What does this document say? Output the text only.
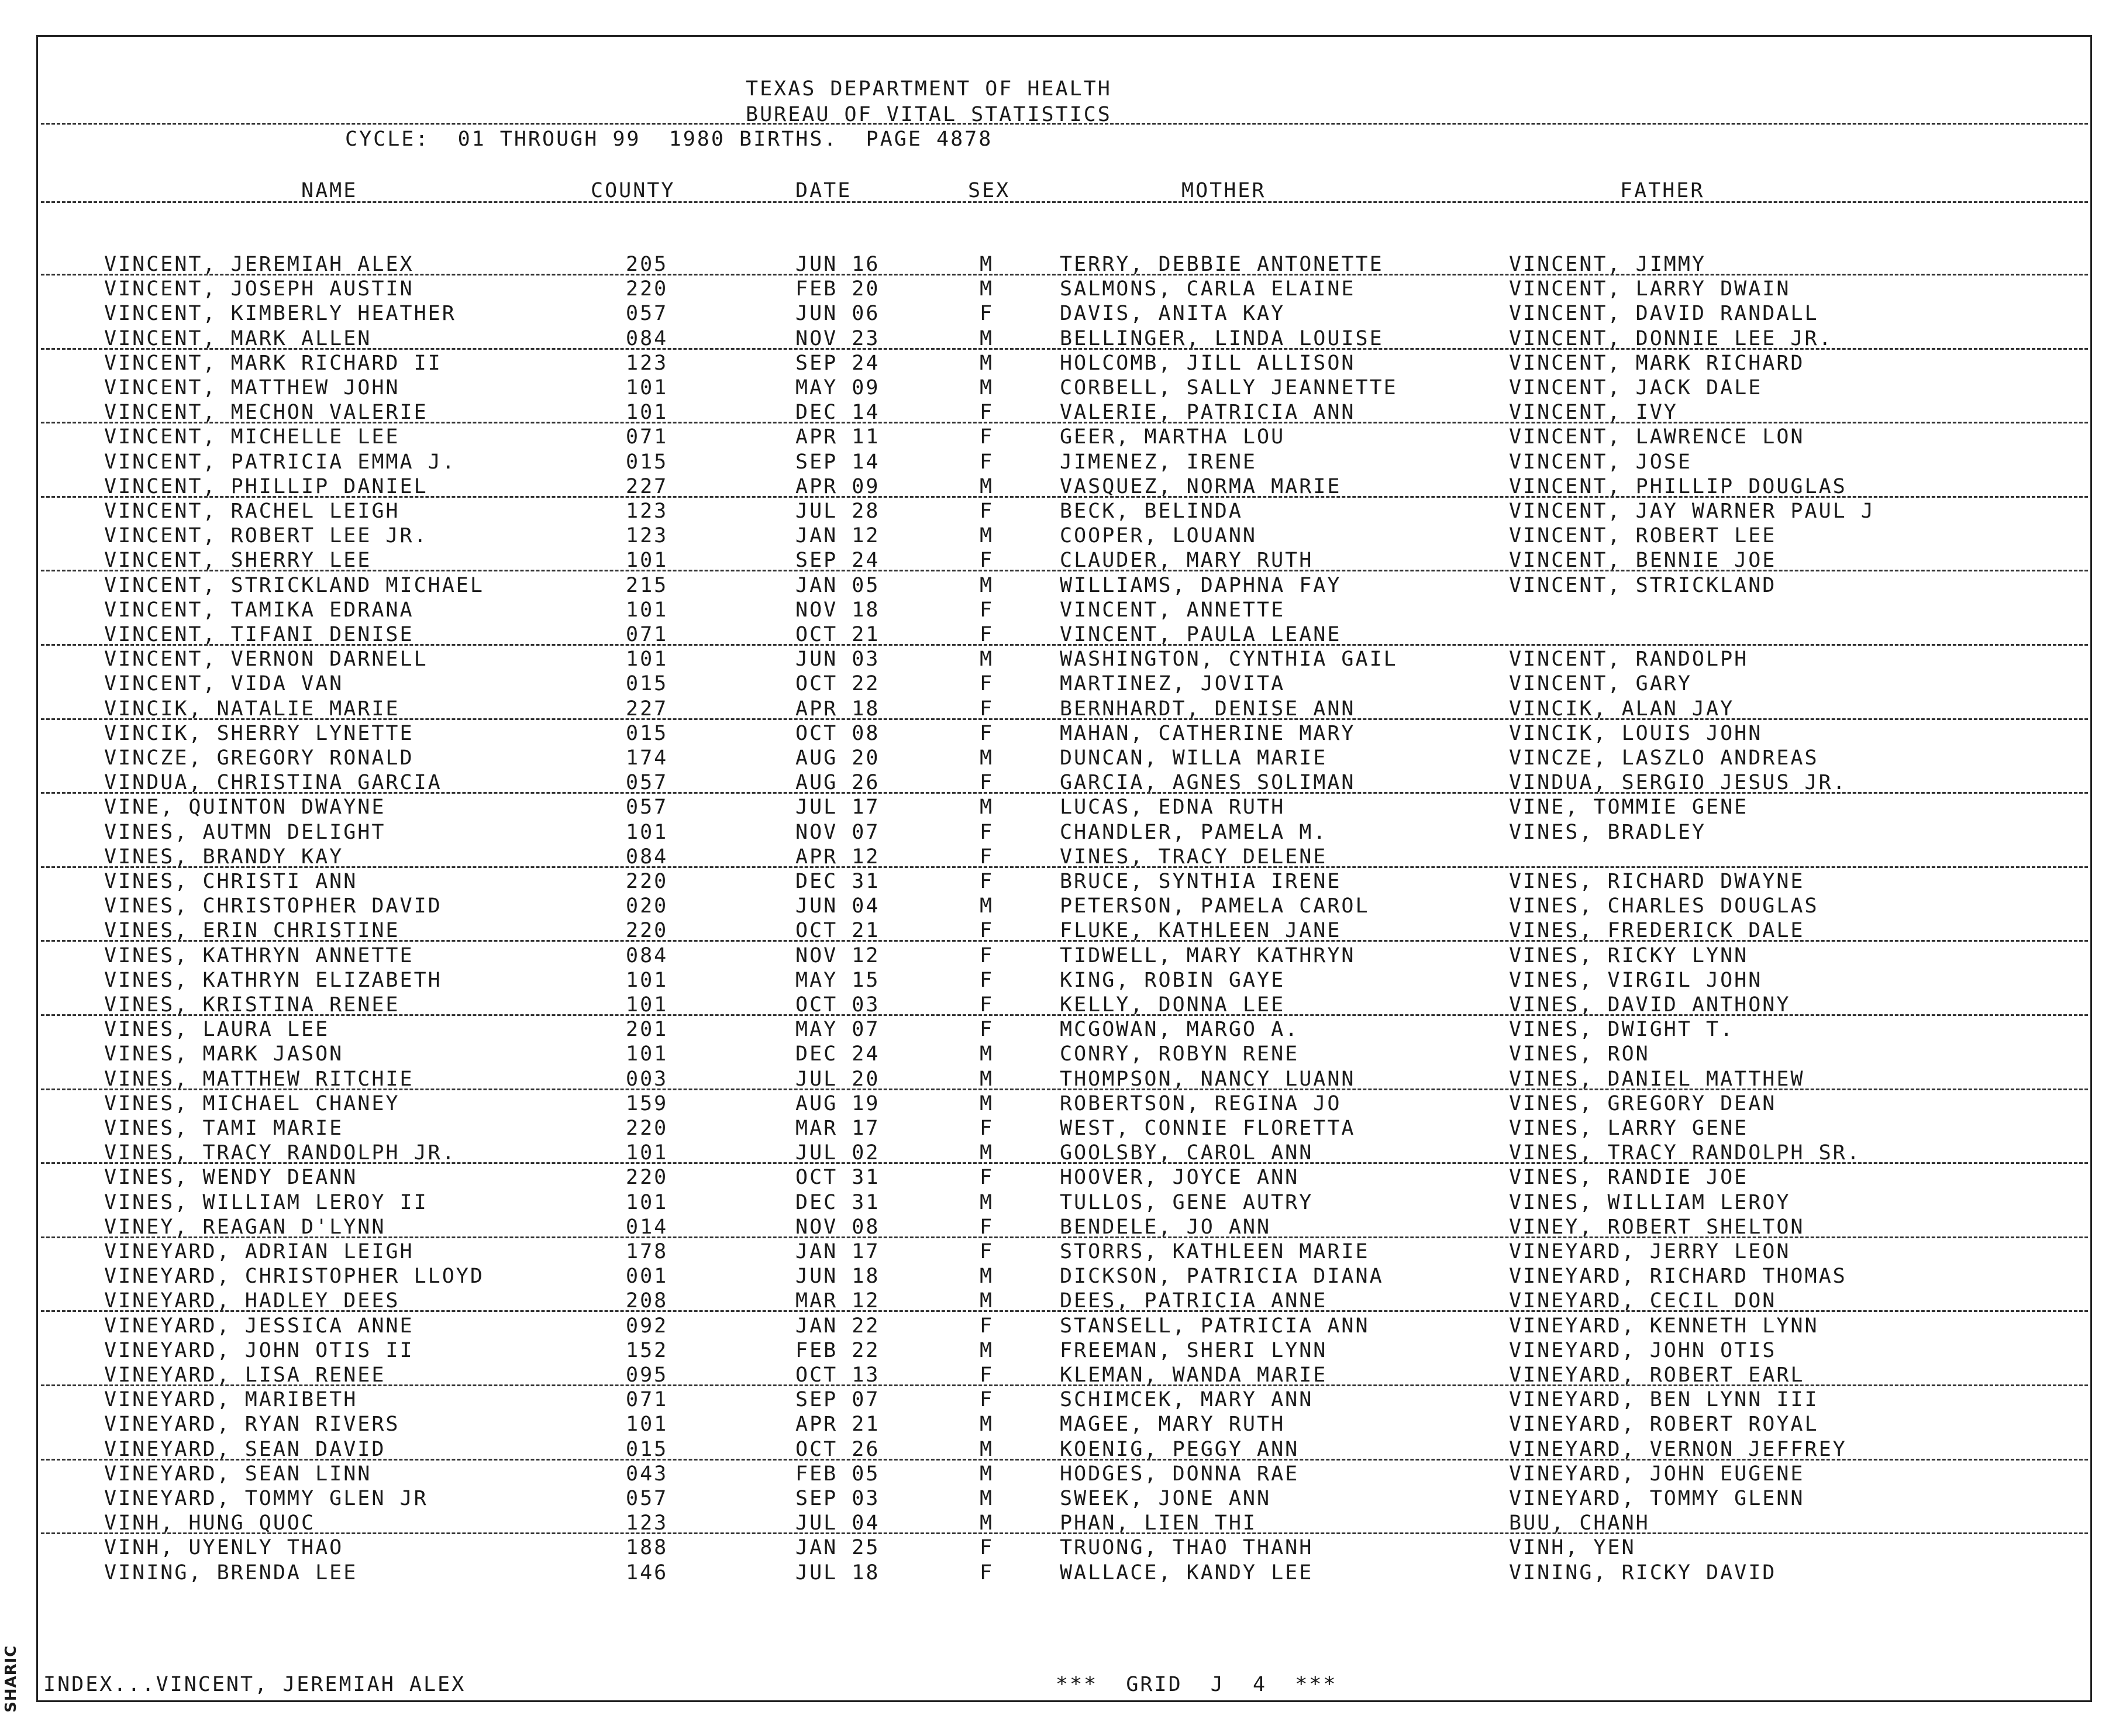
TEXAS DEPARTMENT OF HEALTH
BUREAU OF VITAL STATISTICS
CYCLE:  01 THROUGH 99  1980 BIRTHS.  PAGE 4878
NAME	COUNTY	DATE	SEX	MOTHER	FATHER
VINCENT, JEREMIAH ALEX	205	JUN 16	M	TERRY, DEBBIE ANTONETTE	VINCENT, JIMMY
VINCENT, JOSEPH AUSTIN	220	FEB 20	M	SALMONS, CARLA ELAINE	VINCENT, LARRY DWAIN
VINCENT, KIMBERLY HEATHER	057	JUN 06	F	DAVIS, ANITA KAY	VINCENT, DAVID RANDALL
VINCENT, MARK ALLEN	084	NOV 23	M	BELLINGER, LINDA LOUISE	VINCENT, DONNIE LEE JR.
VINCENT, MARK RICHARD II	123	SEP 24	M	HOLCOMB, JILL ALLISON	VINCENT, MARK RICHARD
VINCENT, MATTHEW JOHN	101	MAY 09	M	CORBELL, SALLY JEANNETTE	VINCENT, JACK DALE
VINCENT, MECHON VALERIE	101	DEC 14	F	VALERIE, PATRICIA ANN	VINCENT, IVY
VINCENT, MICHELLE LEE	071	APR 11	F	GEER, MARTHA LOU	VINCENT, LAWRENCE LON
VINCENT, PATRICIA EMMA J.	015	SEP 14	F	JIMENEZ, IRENE	VINCENT, JOSE
VINCENT, PHILLIP DANIEL	227	APR 09	M	VASQUEZ, NORMA MARIE	VINCENT, PHILLIP DOUGLAS
VINCENT, RACHEL LEIGH	123	JUL 28	F	BECK, BELINDA	VINCENT, JAY WARNER PAUL J
VINCENT, ROBERT LEE JR.	123	JAN 12	M	COOPER, LOUANN	VINCENT, ROBERT LEE
VINCENT, SHERRY LEE	101	SEP 24	F	CLAUDER, MARY RUTH	VINCENT, BENNIE JOE
VINCENT, STRICKLAND MICHAEL	215	JAN 05	M	WILLIAMS, DAPHNA FAY	VINCENT, STRICKLAND
VINCENT, TAMIKA EDRANA	101	NOV 18	F	VINCENT, ANNETTE
VINCENT, TIFANI DENISE	071	OCT 21	F	VINCENT, PAULA LEANE
VINCENT, VERNON DARNELL	101	JUN 03	M	WASHINGTON, CYNTHIA GAIL	VINCENT, RANDOLPH
VINCENT, VIDA VAN	015	OCT 22	F	MARTINEZ, JOVITA	VINCENT, GARY
VINCIK, NATALIE MARIE	227	APR 18	F	BERNHARDT, DENISE ANN	VINCIK, ALAN JAY
VINCIK, SHERRY LYNETTE	015	OCT 08	F	MAHAN, CATHERINE MARY	VINCIK, LOUIS JOHN
VINCZE, GREGORY RONALD	174	AUG 20	M	DUNCAN, WILLA MARIE	VINCZE, LASZLO ANDREAS
VINDUA, CHRISTINA GARCIA	057	AUG 26	F	GARCIA, AGNES SOLIMAN	VINDUA, SERGIO JESUS JR.
VINE, QUINTON DWAYNE	057	JUL 17	M	LUCAS, EDNA RUTH	VINE, TOMMIE GENE
VINES, AUTMN DELIGHT	101	NOV 07	F	CHANDLER, PAMELA M.	VINES, BRADLEY
VINES, BRANDY KAY	084	APR 12	F	VINES, TRACY DELENE
VINES, CHRISTI ANN	220	DEC 31	F	BRUCE, SYNTHIA IRENE	VINES, RICHARD DWAYNE
VINES, CHRISTOPHER DAVID	020	JUN 04	M	PETERSON, PAMELA CAROL	VINES, CHARLES DOUGLAS
VINES, ERIN CHRISTINE	220	OCT 21	F	FLUKE, KATHLEEN JANE	VINES, FREDERICK DALE
VINES, KATHRYN ANNETTE	084	NOV 12	F	TIDWELL, MARY KATHRYN	VINES, RICKY LYNN
VINES, KATHRYN ELIZABETH	101	MAY 15	F	KING, ROBIN GAYE	VINES, VIRGIL JOHN
VINES, KRISTINA RENEE	101	OCT 03	F	KELLY, DONNA LEE	VINES, DAVID ANTHONY
VINES, LAURA LEE	201	MAY 07	F	MCGOWAN, MARGO A.	VINES, DWIGHT T.
VINES, MARK JASON	101	DEC 24	M	CONRY, ROBYN RENE	VINES, RON
VINES, MATTHEW RITCHIE	003	JUL 20	M	THOMPSON, NANCY LUANN	VINES, DANIEL MATTHEW
VINES, MICHAEL CHANEY	159	AUG 19	M	ROBERTSON, REGINA JO	VINES, GREGORY DEAN
VINES, TAMI MARIE	220	MAR 17	F	WEST, CONNIE FLORETTA	VINES, LARRY GENE
VINES, TRACY RANDOLPH JR.	101	JUL 02	M	GOOLSBY, CAROL ANN	VINES, TRACY RANDOLPH SR.
VINES, WENDY DEANN	220	OCT 31	F	HOOVER, JOYCE ANN	VINES, RANDIE JOE
VINES, WILLIAM LEROY II	101	DEC 31	M	TULLOS, GENE AUTRY	VINES, WILLIAM LEROY
VINEY, REAGAN D'LYNN	014	NOV 08	F	BENDELE, JO ANN	VINEY, ROBERT SHELTON
VINEYARD, ADRIAN LEIGH	178	JAN 17	F	STORRS, KATHLEEN MARIE	VINEYARD, JERRY LEON
VINEYARD, CHRISTOPHER LLOYD	001	JUN 18	M	DICKSON, PATRICIA DIANA	VINEYARD, RICHARD THOMAS
VINEYARD, HADLEY DEES	208	MAR 12	M	DEES, PATRICIA ANNE	VINEYARD, CECIL DON
VINEYARD, JESSICA ANNE	092	JAN 22	F	STANSELL, PATRICIA ANN	VINEYARD, KENNETH LYNN
VINEYARD, JOHN OTIS II	152	FEB 22	M	FREEMAN, SHERI LYNN	VINEYARD, JOHN OTIS
VINEYARD, LISA RENEE	095	OCT 13	F	KLEMAN, WANDA MARIE	VINEYARD, ROBERT EARL
VINEYARD, MARIBETH	071	SEP 07	F	SCHIMCEK, MARY ANN	VINEYARD, BEN LYNN III
VINEYARD, RYAN RIVERS	101	APR 21	M	MAGEE, MARY RUTH	VINEYARD, ROBERT ROYAL
VINEYARD, SEAN DAVID	015	OCT 26	M	KOENIG, PEGGY ANN	VINEYARD, VERNON JEFFREY
VINEYARD, SEAN LINN	043	FEB 05	M	HODGES, DONNA RAE	VINEYARD, JOHN EUGENE
VINEYARD, TOMMY GLEN JR	057	SEP 03	M	SWEEK, JONE ANN	VINEYARD, TOMMY GLENN
VINH, HUNG QUOC	123	JUL 04	M	PHAN, LIEN THI	BUU, CHANH
VINH, UYENLY THAO	188	JAN 25	F	TRUONG, THAO THANH	VINH, YEN
VINING, BRENDA LEE	146	JUL 18	F	WALLACE, KANDY LEE	VINING, RICKY DAVID
INDEX...VINCENT, JEREMIAH ALEX	***  GRID  J  4  ***
SHARIC
